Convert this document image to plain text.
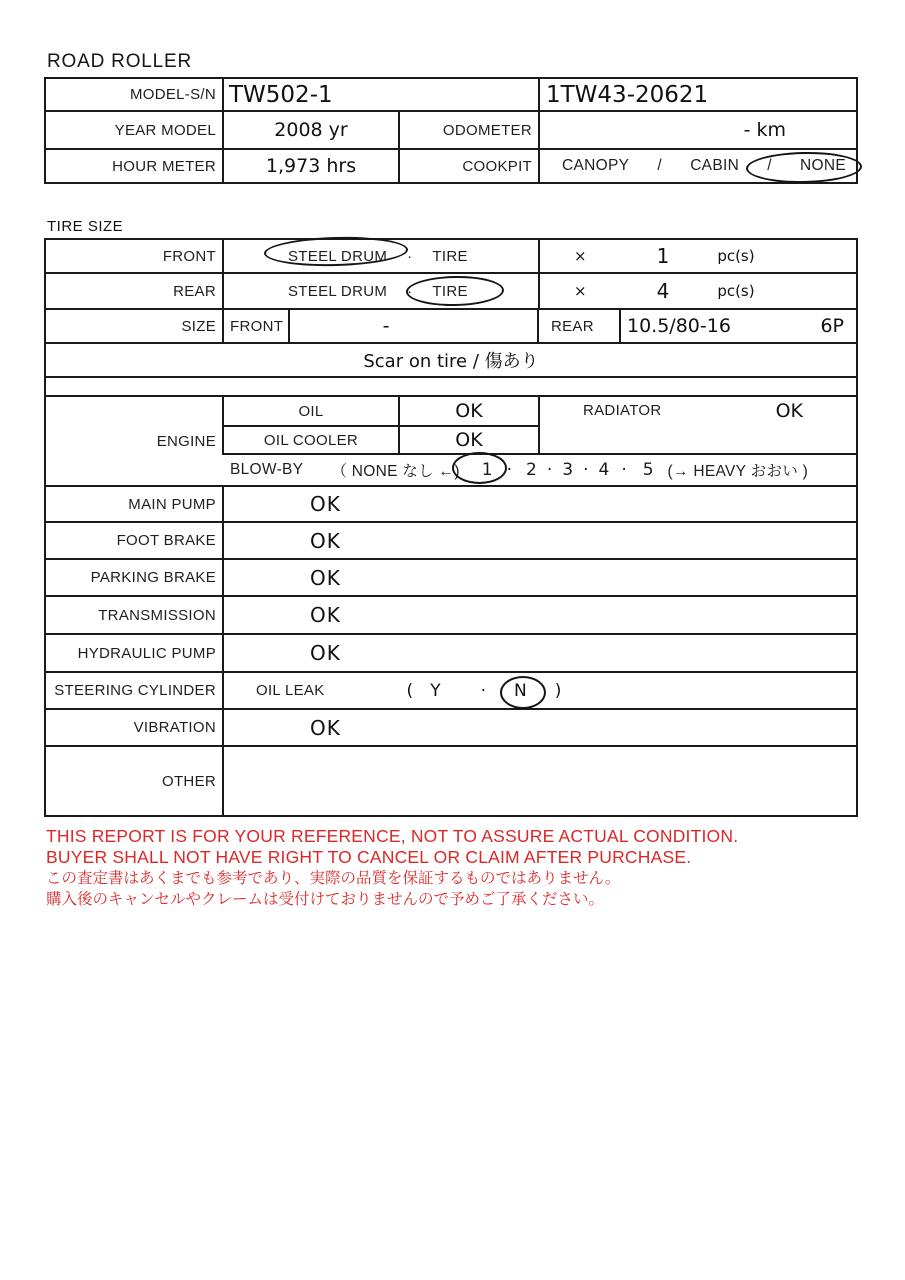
ROAD ROLLER
MODEL-S/N TW502-1	1TW43-20621
YEAR MODEL	2008 yr	ODOMETER	- km
HOUR METER	1,973 hrs	COOKPIT CANOPY / CABIN / NONE
TIRE SIZE
FRONT	STEEL DRUM · TIRE	×	1	pc(s)
REAR	STEEL DRUM · TIRE	×	4	pc(s)
SIZE FRONT	-	REAR 10.5/80-16	6P
Scar on tire / 傷あり
ENGINE
OIL	OK
OIL COOLER	OK
RADIATOR	OK
BLOW-BY （ NONE なし ←) 1 · 2 · 3 · 4 · 5 (→ HEAVY おおい )
MAIN PUMP	OK
FOOT BRAKE	OK
PARKING BRAKE	OK
TRANSMISSION	OK
HYDRAULIC PUMP	OK
STEERING CYLINDER	OIL LEAK	( Y · N )
VIBRATION	OK
OTHER
THIS REPORT IS FOR YOUR REFERENCE, NOT TO ASSURE ACTUAL CONDITION.
BUYER SHALL NOT HAVE RIGHT TO CANCEL OR CLAIM AFTER PURCHASE.
この査定書はあくまでも参考であり、実際の品質を保証するものではありません。
購入後のキャンセルやクレームは受付けておりませんので予めご了承ください。
